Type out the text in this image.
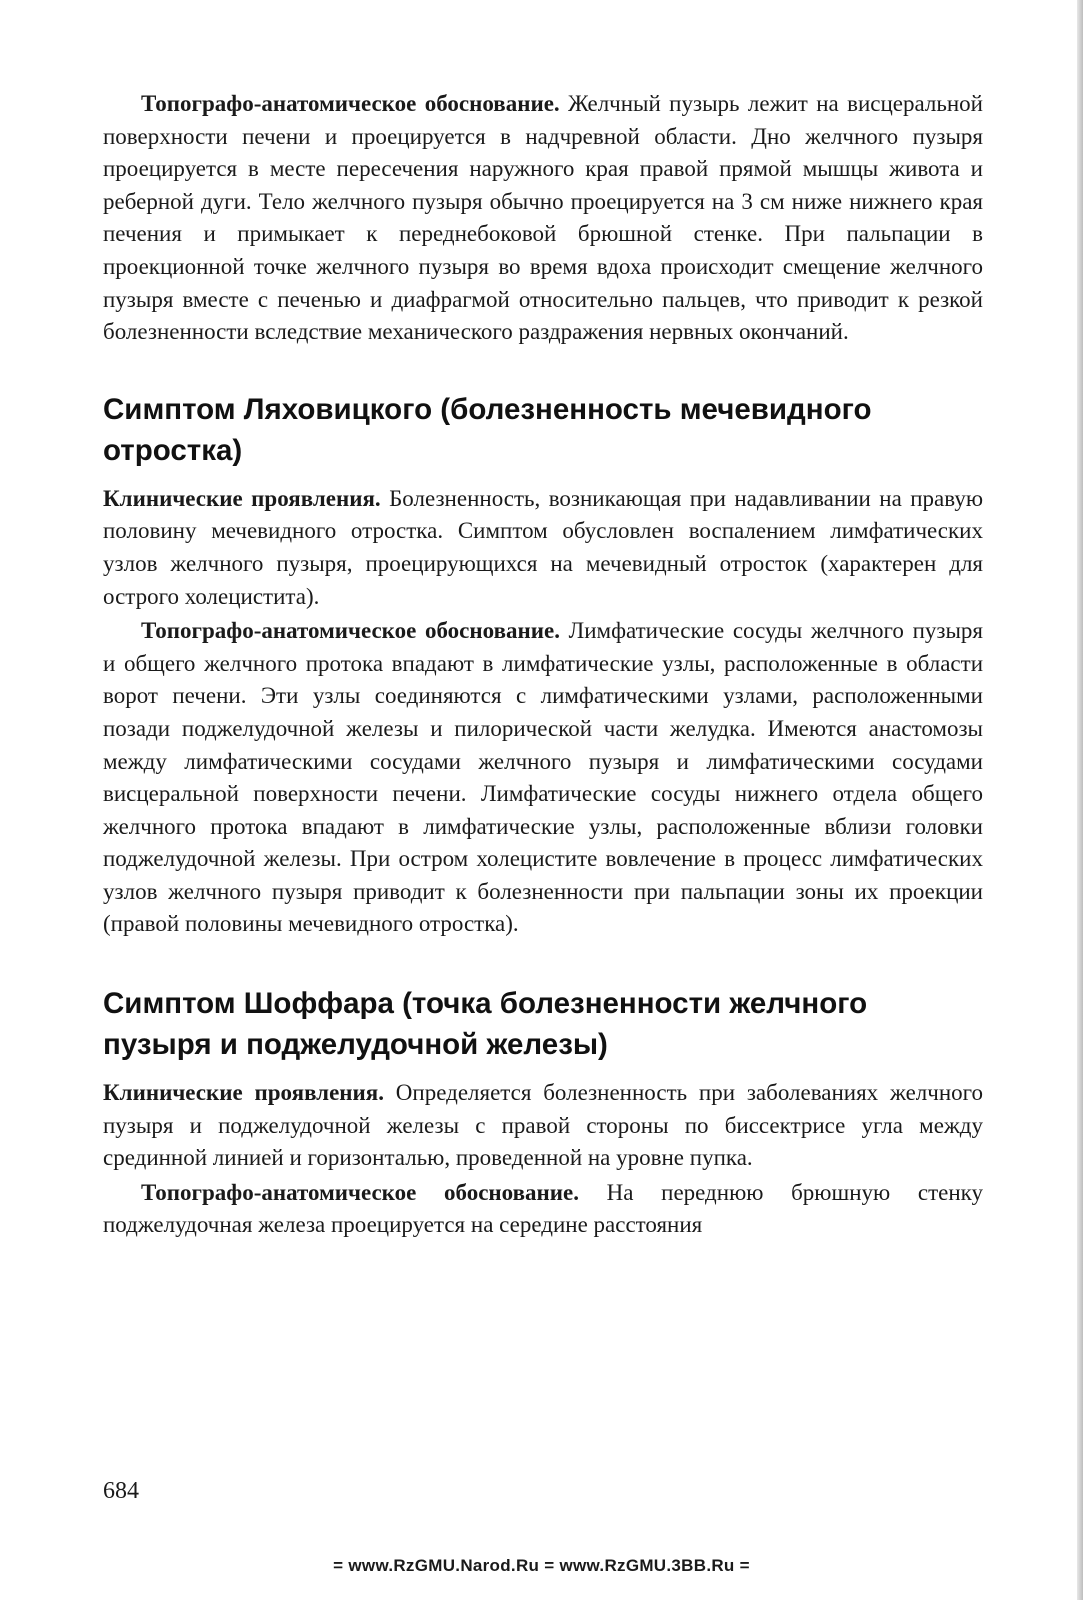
Топографо-анатомическое обоснование. Желчный пузырь лежит на висцеральной поверхности печени и проецируется в надчревной области. Дно желчного пузыря проецируется в месте пересечения наружного края правой прямой мышцы живота и реберной дуги. Тело желчного пузыря обычно проецируется на 3 см ниже нижнего края печения и примыкает к переднебоковой брюшной стенке. При пальпации в проекционной точке желчного пузыря во время вдоха происходит смещение желчного пузыря вместе с печенью и диафрагмой относительно пальцев, что приводит к резкой болезненности вследствие механического раздражения нервных окончаний.

Симптом Ляховицкого (болезненность мечевидного отростка)

Клинические проявления. Болезненность, возникающая при надавливании на правую половину мечевидного отростка. Симптом обусловлен воспалением лимфатических узлов желчного пузыря, проецирующихся на мечевидный отросток (характерен для острого холецистита).

Топографо-анатомическое обоснование. Лимфатические сосуды желчного пузыря и общего желчного протока впадают в лимфатические узлы, расположенные в области ворот печени. Эти узлы соединяются с лимфатическими узлами, расположенными позади поджелудочной железы и пилорической части желудка. Имеются анастомозы между лимфатическими сосудами желчного пузыря и лимфатическими сосудами висцеральной поверхности печени. Лимфатические сосуды нижнего отдела общего желчного протока впадают в лимфатические узлы, расположенные вблизи головки поджелудочной железы. При остром холецистите вовлечение в процесс лимфатических узлов желчного пузыря приводит к болезненности при пальпации зоны их проекции (правой половины мечевидного отростка).

Симптом Шоффара (точка болезненности желчного пузыря и поджелудочной железы)

Клинические проявления. Определяется болезненность при заболеваниях желчного пузыря и поджелудочной железы с правой стороны по биссектрисе угла между срединной линией и горизонталью, проведенной на уровне пупка.

Топографо-анатомическое обоснование. На переднюю брюшную стенку поджелудочная железа проецируется на середине расстояния

684
= www.RzGMU.Narod.Ru = www.RzGMU.3BB.Ru =
